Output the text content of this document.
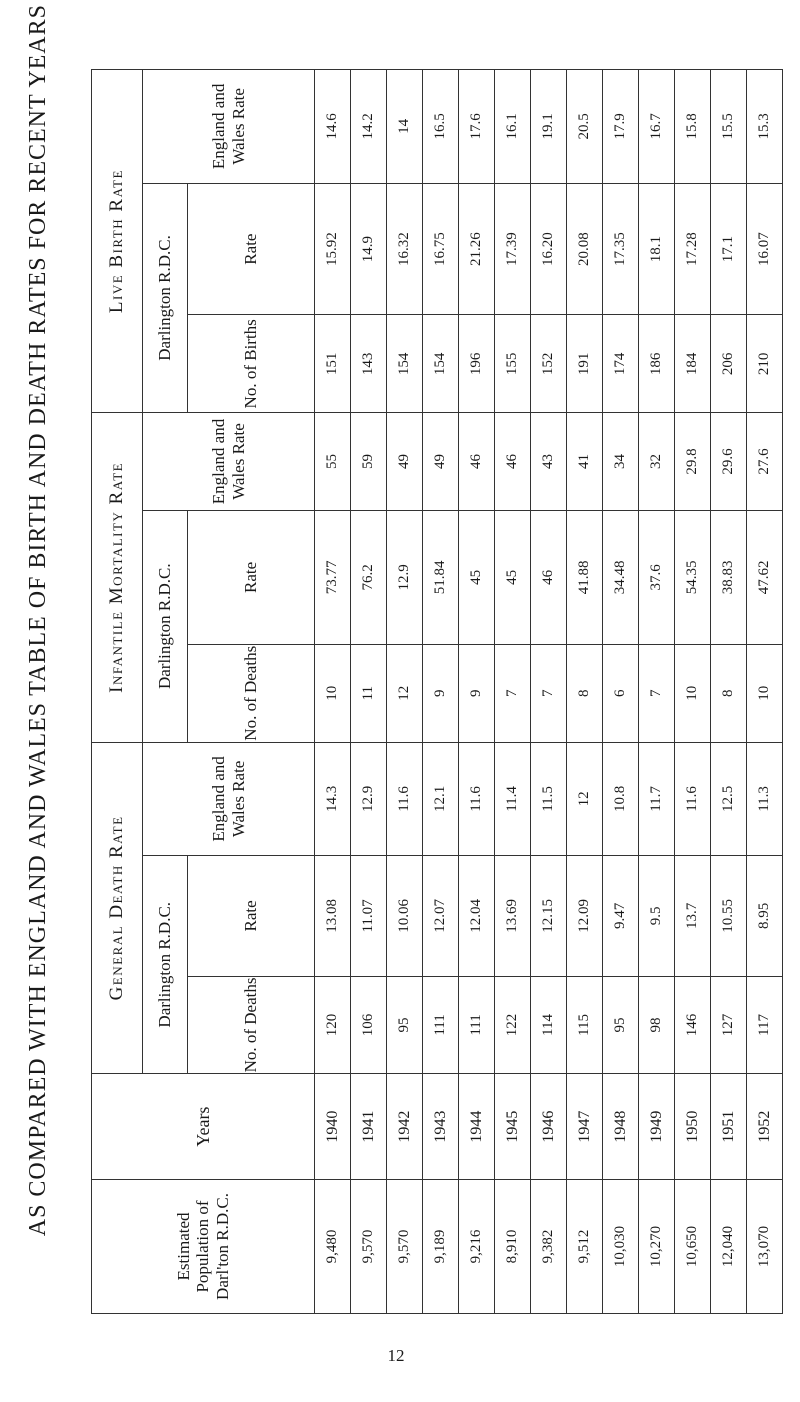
TABLE OF BIRTH AND DEATH RATES FOR RECENT YEARS
AS COMPARED WITH ENGLAND AND WALES
Estimated Population of Darl'ton R.D.C.	Years	General Death Rate			Infantile Mortality Rate			Live Birth Rate		
		Darlington R.D.C.		England and Wales Rate	Darlington R.D.C.		England and Wales Rate	Darlington R.D.C.		England and Wales Rate
		No. of Deaths	Rate		No. of Deaths	Rate		No. of Births	Rate	
9,480	1940	120	13.08	14.3	10	73.77	55	151	15.92	14.6
9,570	1941	106	11.07	12.9	11	76.2	59	143	14.9	14.2
9,570	1942	95	10.06	11.6	12	12.9	49	154	16.32	14
9,189	1943	111	12.07	12.1	9	51.84	49	154	16.75	16.5
9,216	1944	111	12.04	11.6	9	45	46	196	21.26	17.6
8,910	1945	122	13.69	11.4	7	45	46	155	17.39	16.1
9,382	1946	114	12.15	11.5	7	46	43	152	16.20	19.1
9,512	1947	115	12.09	12	8	41.88	41	191	20.08	20.5
10,030	1948	95	9.47	10.8	6	34.48	34	174	17.35	17.9
10,270	1949	98	9.5	11.7	7	37.6	32	186	18.1	16.7
10,650	1950	146	13.7	11.6	10	54.35	29.8	184	17.28	15.8
12,040	1951	127	10.55	12.5	8	38.83	29.6	206	17.1	15.5
13,070	1952	117	8.95	11.3	10	47.62	27.6	210	16.07	15.3
12
